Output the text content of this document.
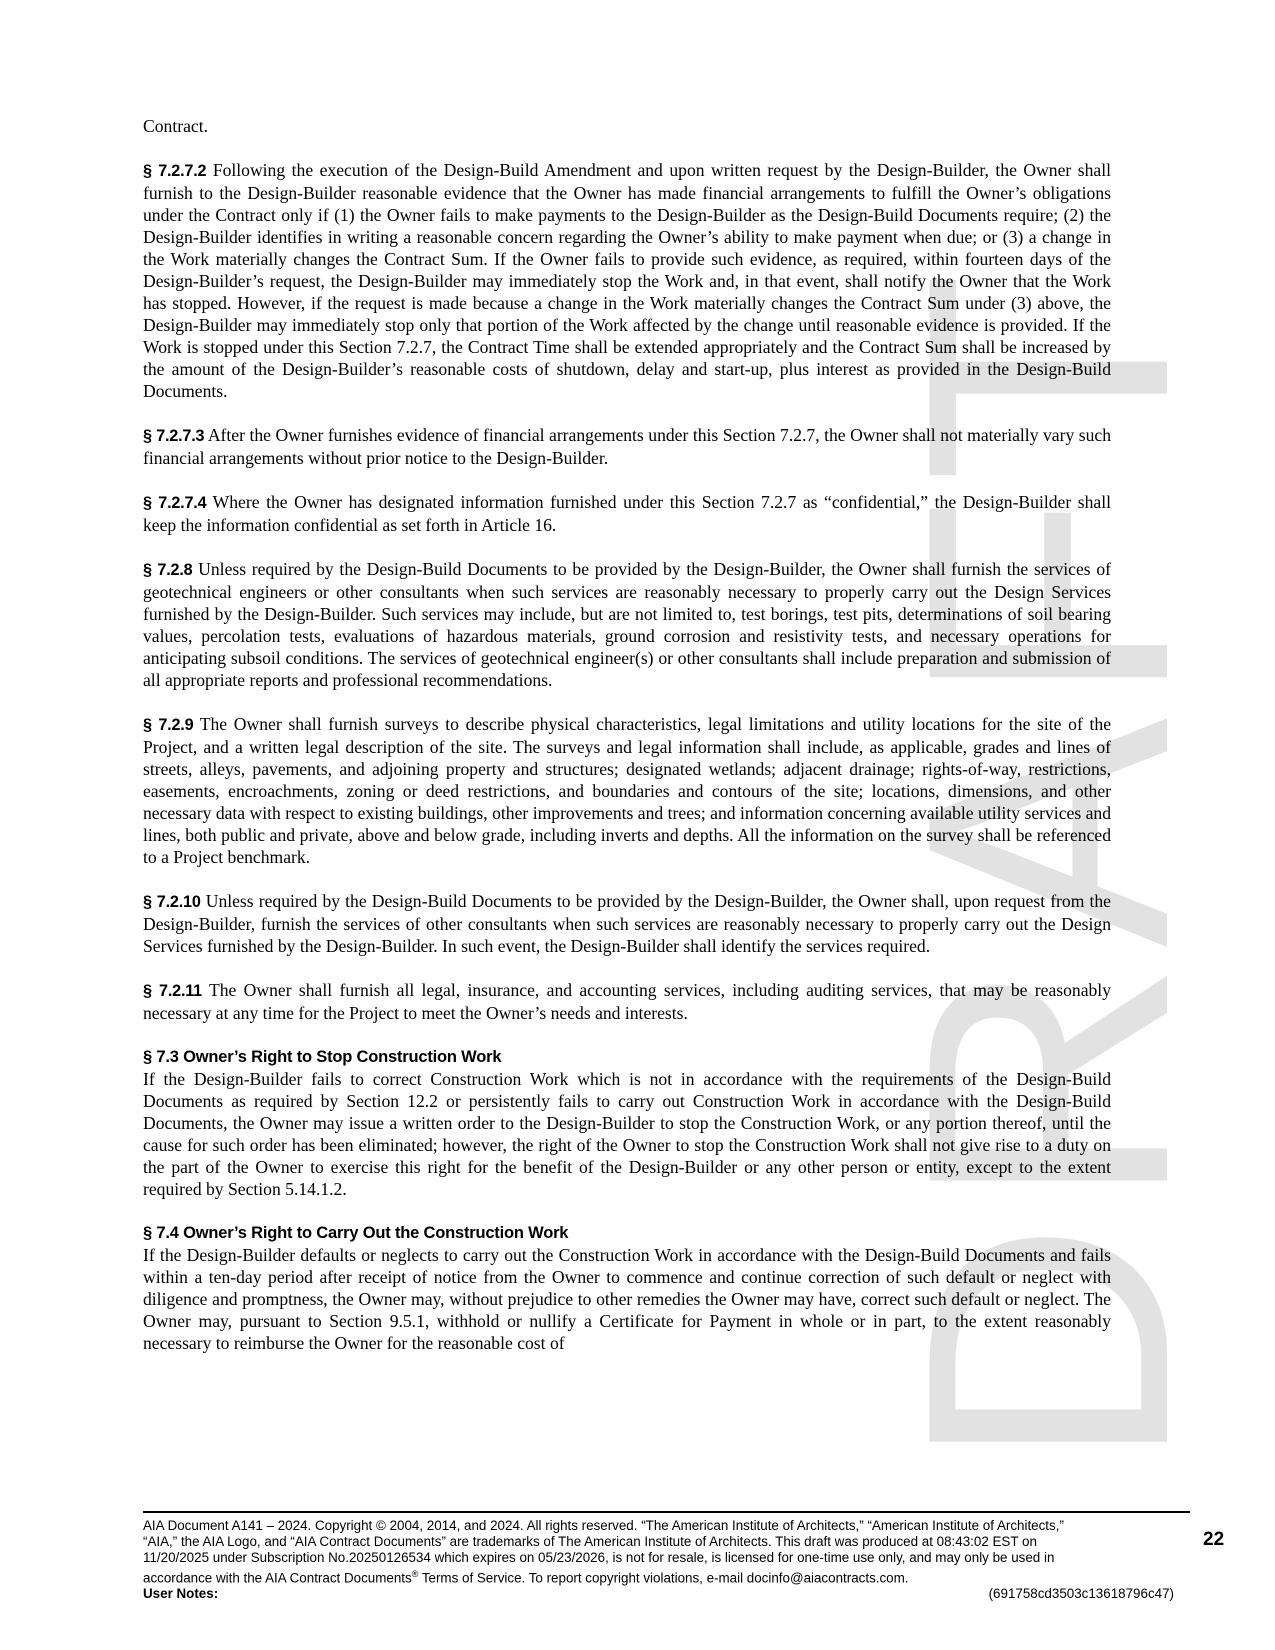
DRAFT

Contract.

§ 7.2.7.2 Following the execution of the Design-Build Amendment and upon written request by the Design-Builder, the Owner shall furnish to the Design-Builder reasonable evidence that the Owner has made financial arrangements to fulfill the Owner’s obligations under the Contract only if (1) the Owner fails to make payments to the Design-Builder as the Design-Build Documents require; (2) the Design-Builder identifies in writing a reasonable concern regarding the Owner’s ability to make payment when due; or (3) a change in the Work materially changes the Contract Sum. If the Owner fails to provide such evidence, as required, within fourteen days of the Design-Builder’s request, the Design-Builder may immediately stop the Work and, in that event, shall notify the Owner that the Work has stopped. However, if the request is made because a change in the Work materially changes the Contract Sum under (3) above, the Design-Builder may immediately stop only that portion of the Work affected by the change until reasonable evidence is provided. If the Work is stopped under this Section 7.2.7, the Contract Time shall be extended appropriately and the Contract Sum shall be increased by the amount of the Design-Builder’s reasonable costs of shutdown, delay and start-up, plus interest as provided in the Design-Build Documents.

§ 7.2.7.3 After the Owner furnishes evidence of financial arrangements under this Section 7.2.7, the Owner shall not materially vary such financial arrangements without prior notice to the Design-Builder.

§ 7.2.7.4 Where the Owner has designated information furnished under this Section 7.2.7 as “confidential,” the Design-Builder shall keep the information confidential as set forth in Article 16.

§ 7.2.8 Unless required by the Design-Build Documents to be provided by the Design-Builder, the Owner shall furnish the services of geotechnical engineers or other consultants when such services are reasonably necessary to properly carry out the Design Services furnished by the Design-Builder. Such services may include, but are not limited to, test borings, test pits, determinations of soil bearing values, percolation tests, evaluations of hazardous materials, ground corrosion and resistivity tests, and necessary operations for anticipating subsoil conditions. The services of geotechnical engineer(s) or other consultants shall include preparation and submission of all appropriate reports and professional recommendations.

§ 7.2.9 The Owner shall furnish surveys to describe physical characteristics, legal limitations and utility locations for the site of the Project, and a written legal description of the site. The surveys and legal information shall include, as applicable, grades and lines of streets, alleys, pavements, and adjoining property and structures; designated wetlands; adjacent drainage; rights-of-way, restrictions, easements, encroachments, zoning or deed restrictions, and boundaries and contours of the site; locations, dimensions, and other necessary data with respect to existing buildings, other improvements and trees; and information concerning available utility services and lines, both public and private, above and below grade, including inverts and depths. All the information on the survey shall be referenced to a Project benchmark.

§ 7.2.10 Unless required by the Design-Build Documents to be provided by the Design-Builder, the Owner shall, upon request from the Design-Builder, furnish the services of other consultants when such services are reasonably necessary to properly carry out the Design Services furnished by the Design-Builder. In such event, the Design-Builder shall identify the services required.

§ 7.2.11 The Owner shall furnish all legal, insurance, and accounting services, including auditing services, that may be reasonably necessary at any time for the Project to meet the Owner’s needs and interests.

§ 7.3 Owner’s Right to Stop Construction Work

If the Design-Builder fails to correct Construction Work which is not in accordance with the requirements of the Design-Build Documents as required by Section 12.2 or persistently fails to carry out Construction Work in accordance with the Design-Build Documents, the Owner may issue a written order to the Design-Builder to stop the Construction Work, or any portion thereof, until the cause for such order has been eliminated; however, the right of the Owner to stop the Construction Work shall not give rise to a duty on the part of the Owner to exercise this right for the benefit of the Design-Builder or any other person or entity, except to the extent required by Section 5.14.1.2.

§ 7.4 Owner’s Right to Carry Out the Construction Work

If the Design-Builder defaults or neglects to carry out the Construction Work in accordance with the Design-Build Documents and fails within a ten-day period after receipt of notice from the Owner to commence and continue correction of such default or neglect with diligence and promptness, the Owner may, without prejudice to other remedies the Owner may have, correct such default or neglect. The Owner may, pursuant to Section 9.5.1, withhold or nullify a Certificate for Payment in whole or in part, to the extent reasonably necessary to reimburse the Owner for the reasonable cost of

AIA Document A141 – 2024. Copyright © 2004, 2014, and 2024. All rights reserved. “The American Institute of Architects,” “American Institute of Architects,”
“AIA,” the AIA Logo, and “AIA Contract Documents” are trademarks of The American Institute of Architects. This draft was produced at 08:43:02 EST on
11/20/2025 under Subscription No.20250126534 which expires on 05/23/2026, is not for resale, is licensed for one-time use only, and may only be used in
accordance with the AIA Contract Documents® Terms of Service. To report copyright violations, e-mail docinfo@aiacontracts.com.
User Notes:	(691758cd3503c13618796c47)
22
